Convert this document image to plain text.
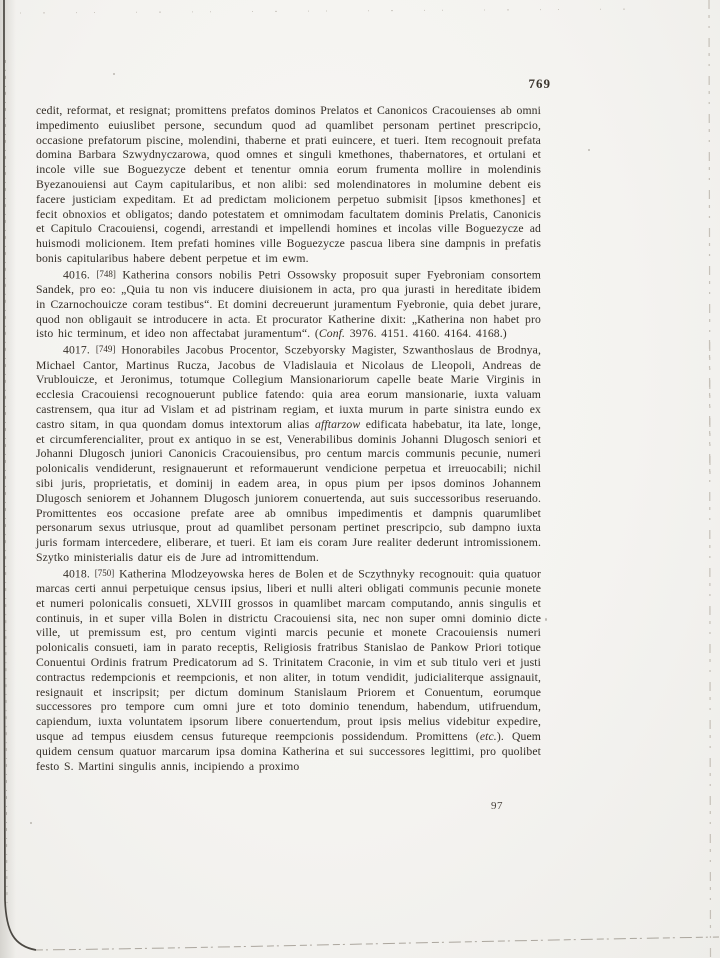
769

cedit, reformat, et resignat; promittens prefatos dominos Prelatos et Canonicos Cracouienses ab omni impedimento euiuslibet persone, secundum quod ad quamlibet personam pertinet prescripcio, occasione prefatorum piscine, molendini, thaberne et prati euincere, et tueri. Item recognouit prefata domina Barbara Szwydnyczarowa, quod omnes et singuli kmethones, thabernatores, et ortulani et incole ville sue Boguezycze debent et tenentur omnia eorum frumenta mollire in molendinis Byezanouiensi aut Caym capitularibus, et non alibi: sed molendinatores in molumine debent eis facere justiciam expeditam. Et ad predictam molicionem perpetuo submisit [ipsos kmethones] et fecit obnoxios et obligatos; dando potestatem et omnimodam facultatem dominis Prelatis, Canonicis et Capitulo Cracouiensi, cogendi, arrestandi et impellendi homines et incolas ville Boguezycze ad huismodi molicionem. Item prefati homines ville Boguezycze pascua libera sine dampnis in prefatis bonis capitularibus habere debent perpetue et im ewm.

4016. [748] Katherina consors nobilis Petri Ossowsky proposuit super Fyebroniam consortem Sandek, pro eo: „Quia tu non vis inducere diuisionem in acta, pro qua jurasti in hereditate ibidem in Czarnochouicze coram testibus“. Et domini decreuerunt juramentum Fyebronie, quia debet jurare, quod non obligauit se introducere in acta. Et procurator Katherine dixit: „Katherina non habet pro isto hic terminum, et ideo non affectabat juramentum“. (Conf. 3976. 4151. 4160. 4164. 4168.)

4017. [749] Honorabiles Jacobus Procentor, Sczebyorsky Magister, Szwanthoslaus de Brodnya, Michael Cantor, Martinus Rucza, Jacobus de Vladislauia et Nicolaus de Lleopoli, Andreas de Vrublouicze, et Jeronimus, totumque Collegium Mansionariorum capelle beate Marie Virginis in ecclesia Cracouiensi recognouerunt publice fatendo: quia area eorum mansionarie, iuxta valuam castrensem, qua itur ad Vislam et ad pistrinam regiam, et iuxta murum in parte sinistra eundo ex castro sitam, in qua quondam domus intextorum alias afftarzow edificata habebatur, ita late, longe, et circumferencialiter, prout ex antiquo in se est, Venerabilibus dominis Johanni Dlugosch seniori et Johanni Dlugosch juniori Canonicis Cracouiensibus, pro centum marcis communis pecunie, numeri polonicalis vendiderunt, resignauerunt et reformauerunt vendicione perpetua et irreuocabili; nichil sibi juris, proprietatis, et dominij in eadem area, in opus pium per ipsos dominos Johannem Dlugosch seniorem et Johannem Dlugosch juniorem conuertenda, aut suis successoribus reseruando. Promittentes eos occasione prefate aree ab omnibus impedimentis et dampnis quarumlibet personarum sexus utriusque, prout ad quamlibet personam pertinet prescripcio, sub dampno iuxta juris formam intercedere, eliberare, et tueri. Et iam eis coram Jure realiter dederunt intromissionem. Szytko ministerialis datur eis de Jure ad intromittendum.

4018. [750] Katherina Mlodzeyowska heres de Bolen et de Sczythnyky recognouit: quia quatuor marcas certi annui perpetuique census ipsius, liberi et nulli alteri obligati communis pecunie monete et numeri polonicalis consueti, XLVIII grossos in quamlibet marcam computando, annis singulis et continuis, in et super villa Bolen in districtu Cracouiensi sita, nec non super omni dominio dicte ville, ut premissum est, pro centum viginti marcis pecunie et monete Cracouiensis numeri polonicalis consueti, iam in parato receptis, Religiosis fratribus Stanislao de Pankow Priori totique Conuentui Ordinis fratrum Predicatorum ad S. Trinitatem Craconie, in vim et sub titulo veri et justi contractus redempcionis et reempcionis, et non aliter, in totum vendidit, judicialiterque assignauit, resignauit et inscripsit; per dictum dominum Stanislaum Priorem et Conuentum, eorumque successores pro tempore cum omni jure et toto dominio tenendum, habendum, utifruendum, capiendum, iuxta voluntatem ipsorum libere conuertendum, prout ipsis melius videbitur expedire, usque ad tempus eiusdem census futureque reempcionis possidendum. Promittens (etc.). Quem quidem censum quatuor marcarum ipsa domina Katherina et sui successores legittimi, pro quolibet festo S. Martini singulis annis, incipiendo a proximo

97
